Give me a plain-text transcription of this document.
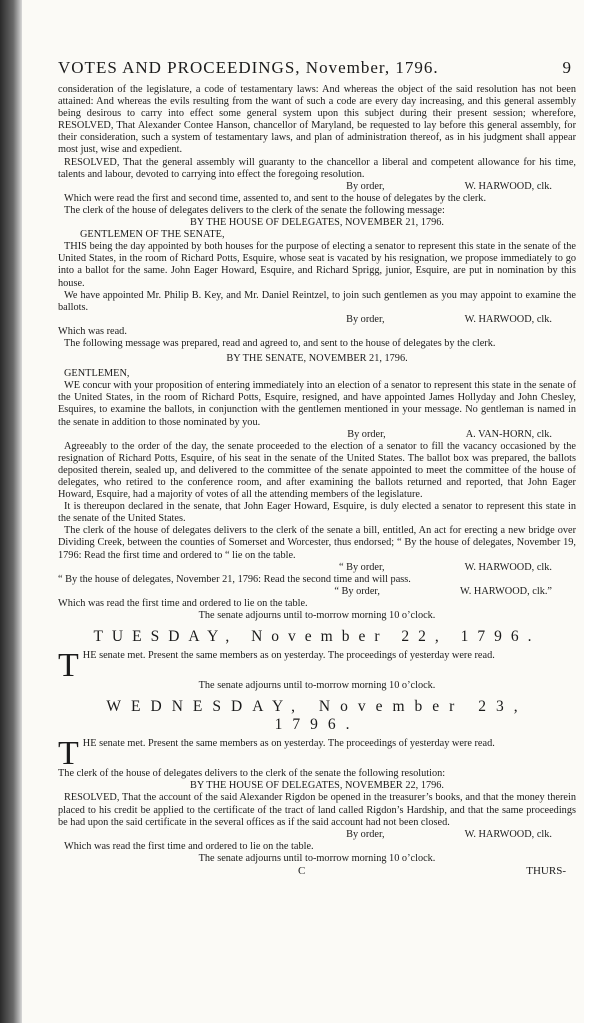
VOTES AND PROCEEDINGS, November, 1796.	9

consideration of the legislature, a code of testamentary laws: And whereas the object of the said resolution has not been attained: And whereas the evils resulting from the want of such a code are every day increasing, and this general assembly being desirous to carry into effect some general system upon this subject during their present session; wherefore, RESOLVED, That Alexander Contee Hanson, chancellor of Maryland, be requested to lay before this general assembly, for their consideration, such a system of testamentary laws, and plan of administration thereof, as in his judgment shall appear most just, wise and expedient.

RESOLVED, That the general assembly will guaranty to the chancellor a liberal and competent allowance for his time, talents and labour, devoted to carrying into effect the foregoing resolution.

By order,	W. HARWOOD, clk.

Which were read the first and second time, assented to, and sent to the house of delegates by the clerk.

The clerk of the house of delegates delivers to the clerk of the senate the following message:

BY THE HOUSE OF DELEGATES, NOVEMBER 21, 1796.

GENTLEMEN OF THE SENATE,

THIS being the day appointed by both houses for the purpose of electing a senator to represent this state in the senate of the United States, in the room of Richard Potts, Esquire, whose seat is vacated by his resignation, we propose immediately to go into a ballot for the same. John Eager Howard, Esquire, and Richard Sprigg, junior, Esquire, are put in nomination by this house.

We have appointed Mr. Philip B. Key, and Mr. Daniel Reintzel, to join such gentlemen as you may appoint to examine the ballots.

By order,	W. HARWOOD, clk.

Which was read.

The following message was prepared, read and agreed to, and sent to the house of delegates by the clerk.

BY THE SENATE, NOVEMBER 21, 1796.

GENTLEMEN,

WE concur with your proposition of entering immediately into an election of a senator to represent this state in the senate of the United States, in the room of Richard Potts, Esquire, resigned, and have appointed James Hollyday and John Chesley, Esquires, to examine the ballots, in conjunction with the gentlemen mentioned in your message. No gentleman is named in the senate in addition to those nominated by you.

By order,	A. VAN-HORN, clk.

Agreeably to the order of the day, the senate proceeded to the election of a senator to fill the vacancy occasioned by the resignation of Richard Potts, Esquire, of his seat in the senate of the United States. The ballot box was prepared, the ballots deposited therein, sealed up, and delivered to the committee of the senate appointed to meet the committee of the house of delegates, who retired to the conference room, and after examining the ballots returned and reported, that John Eager Howard, Esquire, had a majority of votes of all the attending members of the legislature.

It is thereupon declared in the senate, that John Eager Howard, Esquire, is duly elected a senator to represent this state in the senate of the United States.

The clerk of the house of delegates delivers to the clerk of the senate a bill, entitled, An act for erecting a new bridge over Dividing Creek, between the counties of Somerset and Worcester, thus endorsed; “ By the house of delegates, November 19, 1796: Read the first time and ordered to “ lie on the table.

“ By order,	W. HARWOOD, clk.

“ By the house of delegates, November 21, 1796: Read the second time and will pass.

“ By order,	W. HARWOOD, clk.”

Which was read the first time and ordered to lie on the table.

The senate adjourns until to-morrow morning 10 o’clock.

TUESDAY, November 22, 1796.

THE senate met. Present the same members as on yesterday. The proceedings of yesterday were read.

The senate adjourns until to-morrow morning 10 o’clock.

WEDNESDAY, November 23, 1796.

THE senate met. Present the same members as on yesterday. The proceedings of yesterday were read.

The clerk of the house of delegates delivers to the clerk of the senate the following resolution:

BY THE HOUSE OF DELEGATES, NOVEMBER 22, 1796.

RESOLVED, That the account of the said Alexander Rigdon be opened in the treasurer’s books, and that the money therein placed to his credit be applied to the certificate of the tract of land called Rigdon’s Hardship, and that the same proceedings be had upon the said certificate in the several offices as if the said account had not been closed.

By order,	W. HARWOOD, clk.

Which was read the first time and ordered to lie on the table.

The senate adjourns until to-morrow morning 10 o’clock.

C	THURS-
